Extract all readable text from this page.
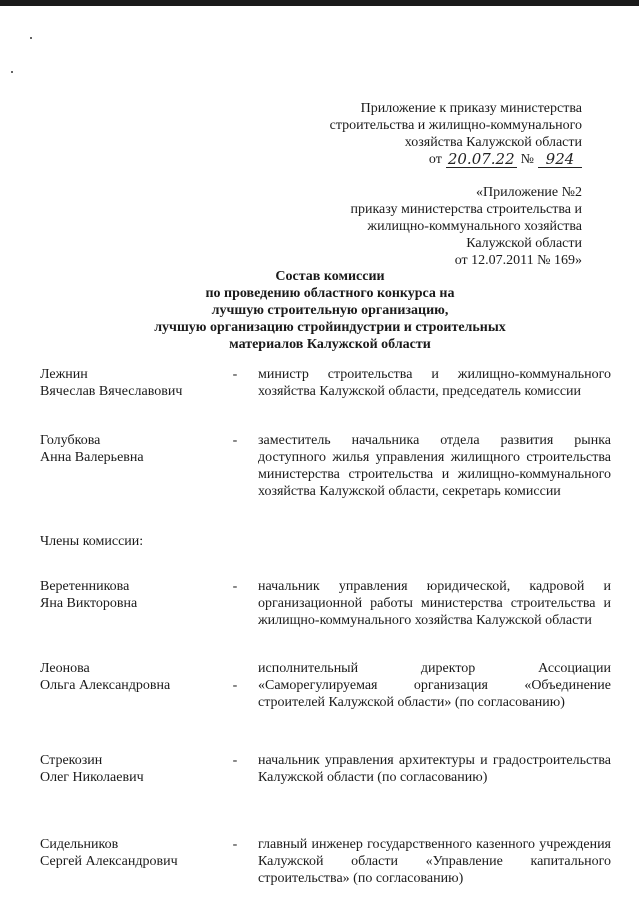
Приложение к приказу министерства
строительства и жилищно-коммунального
хозяйства Калужской области
от 20.07.22 № 924
«Приложение №2
приказу министерства строительства и
жилищно-коммунального хозяйства
Калужской области
от 12.07.2011 № 169»
Состав комиссии
по проведению областного конкурса на
лучшую строительную организацию,
лучшую организацию стройиндустрии и строительных
материалов Калужской области
Лежнин
Вячеслав Вячеславович
- министр строительства и жилищно-коммунального хозяйства Калужской области, председатель комиссии
Голубкова
Анна Валерьевна
- заместитель начальника отдела развития рынка доступного жилья управления жилищного строительства министерства строительства и жилищно-коммунального хозяйства Калужской области, секретарь комиссии
Члены комиссии:
Веретенникова
Яна Викторовна
- начальник управления юридической, кадровой и организационной работы министерства строительства и жилищно-коммунального хозяйства Калужской области
Леонова
Ольга Александровна	-
исполнительный директор Ассоциации «Саморегулируемая организация «Объединение строителей Калужской области» (по согласованию)
Стрекозин
Олег Николаевич
- начальник управления архитектуры и градостроительства Калужской области (по согласованию)
Сидельников
Сергей Александрович
- главный инженер государственного казенного учреждения Калужской области «Управление капитального строительства» (по согласованию)
